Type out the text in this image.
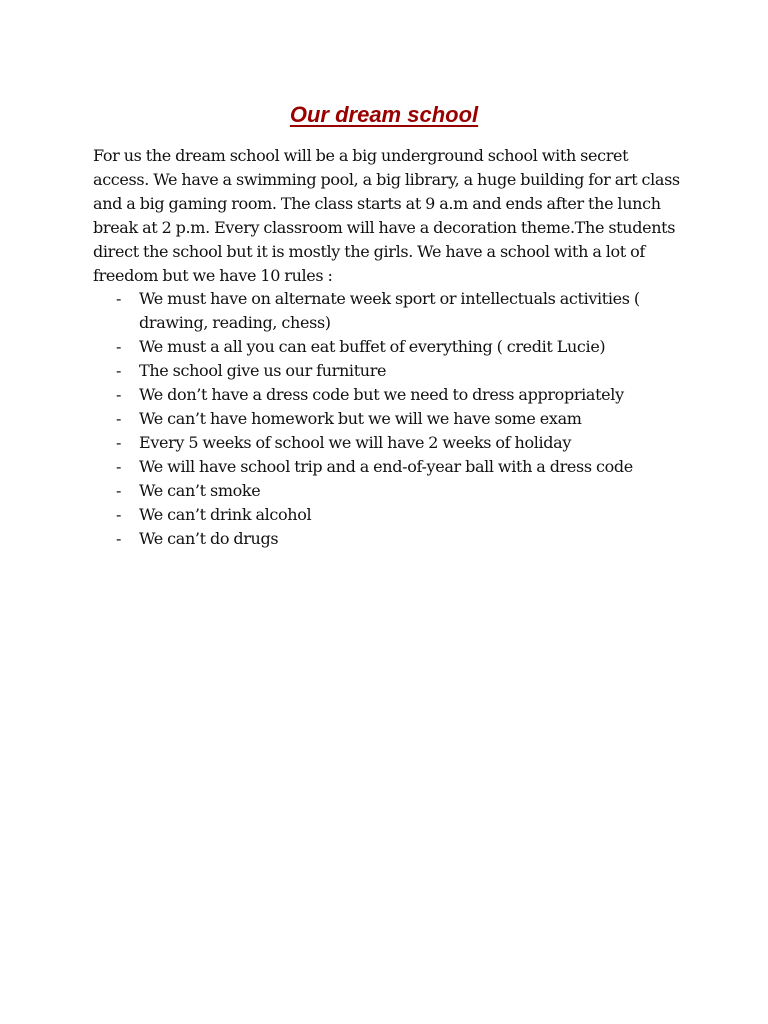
Our dream school

For us the dream school will be a big underground school with secret access. We have a swimming pool, a big library, a huge building for art class and a big gaming room. The class starts at 9 a.m and ends after the lunch break at 2 p.m. Every classroom will have a decoration theme.The students direct the school but it is mostly the girls. We have a school with a lot of freedom but we have 10 rules :

- We must have on alternate week sport or intellectuals activities ( drawing, reading, chess)
- We must a all you can eat buffet of everything ( credit Lucie)
- The school give us our furniture
- We don’t have a dress code but we need to dress appropriately
- We can’t have homework but we will we have some exam
- Every 5 weeks of school we will have 2 weeks of holiday
- We will have school trip and a end-of-year ball with a dress code
- We can’t smoke
- We can’t drink alcohol
- We can’t do drugs
